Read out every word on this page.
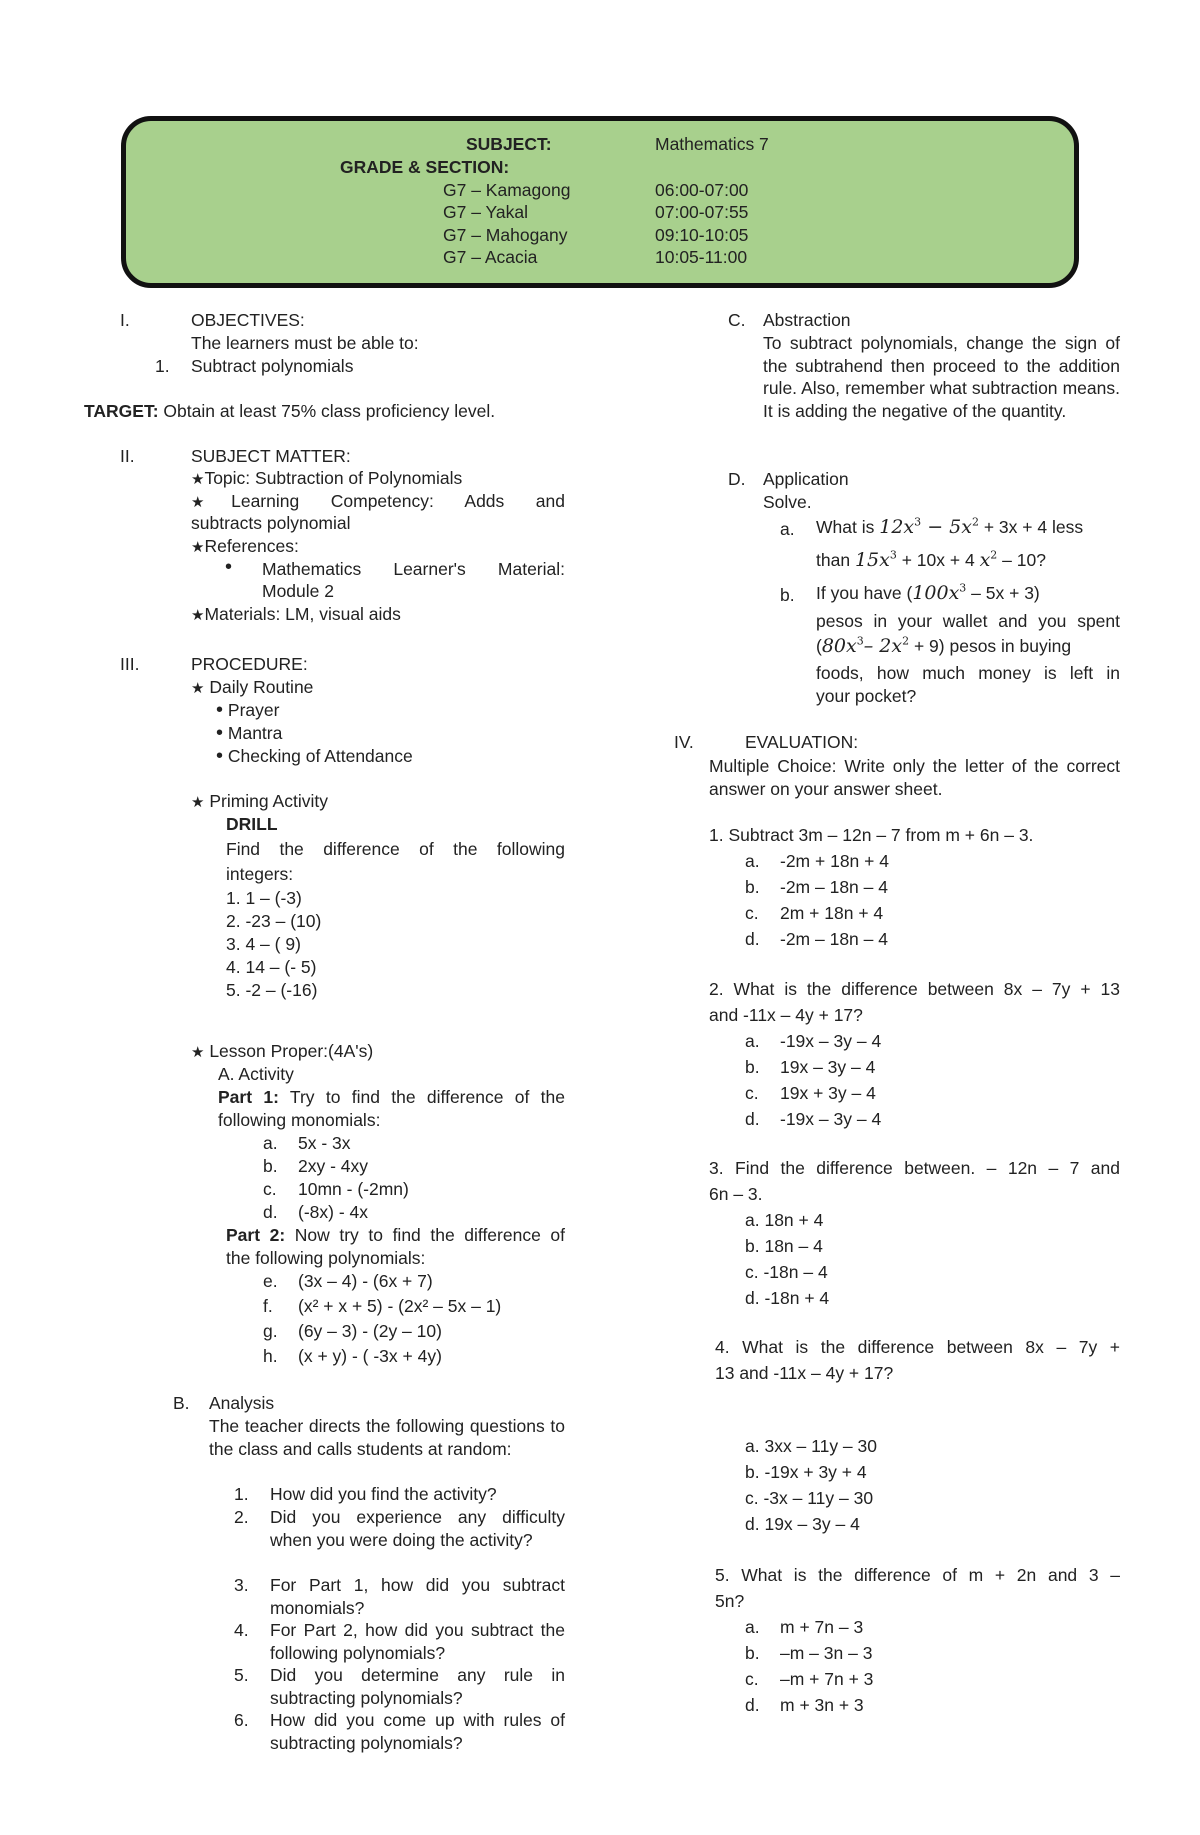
SUBJECT:	Mathematics 7
GRADE & SECTION:
G7 – Kamagong	06:00-07:00
G7 – Yakal	07:00-07:55
G7 – Mahogany	09:10-10:05
G7 – Acacia	10:05-11:00
I.	OBJECTIVES:
The learners must be able to:
1. Subtract polynomials
TARGET: Obtain at least 75% class proficiency level.
II.	SUBJECT MATTER:
★Topic: Subtraction of Polynomials
★Learning Competency: Adds and
subtracts polynomial
★References:
• Mathematics Learner's Material:
Module 2
★Materials: LM, visual aids
III.	PROCEDURE:
★ Daily Routine
• Prayer
• Mantra
• Checking of Attendance
★ Priming Activity
DRILL
Find the difference of the following
integers:
1. 1 – (-3)
2. -23 – (10)
3. 4 – ( 9)
4. 14 – (- 5)
5. -2 – (-16)
★ Lesson Proper:(4A's)
A. Activity
Part 1: Try to find the difference of the
following monomials:
a. 5x - 3x
b. 2xy - 4xy
c. 10mn - (-2mn)
d. (-8x) - 4x
Part 2: Now try to find the difference of
the following polynomials:
e. (3x – 4) - (6x + 7)
f. (x² + x + 5) - (2x² – 5x – 1)
g. (6y – 3) - (2y – 10)
h. (x + y) - ( -3x + 4y)
B. Analysis
The teacher directs the following questions to the class and calls students at random:
1. How did you find the activity?
2. Did you experience any difficulty when you were doing the activity?
3. For Part 1, how did you subtract monomials?
4. For Part 2, how did you subtract the following polynomials?
5. Did you determine any rule in subtracting polynomials?
6. How did you come up with rules of subtracting polynomials?
C. Abstraction
To subtract polynomials, change the sign of the subtrahend then proceed to the addition rule. Also, remember what subtraction means. It is adding the negative of the quantity.
D. Application
Solve.
a. What is $12x^3 - 5x^2 + 3x + 4$ less
than $15x^3 + 10x + 4$ $x^2 - 10$?
b. If you have $(100x^3 - 5x + 3)$
pesos in your wallet and you spent
($80x^3-$ $2x^2 + 9$) pesos in buying
foods, how much money is left in
your pocket?
IV.	EVALUATION:
Multiple Choice: Write only the letter of the correct answer on your answer sheet.
1. Subtract 3m – 12n – 7 from m + 6n – 3.
a. -2m + 18n + 4
b. -2m – 18n – 4
c. 2m + 18n + 4
d. -2m – 18n – 4
2. What is the difference between 8x – 7y + 13
and -11x – 4y + 17?
a. -19x – 3y – 4
b. 19x – 3y – 4
c. 19x + 3y – 4
d. -19x – 3y – 4
3. Find the difference between. – 12n – 7 and
6n – 3.
a. 18n + 4
b. 18n – 4
c. -18n – 4
d. -18n + 4
4. What is the difference between 8x – 7y +
13 and -11x – 4y + 17?
a. 3xx – 11y – 30
b. -19x + 3y + 4
c. -3x – 11y – 30
d. 19x – 3y – 4
5. What is the difference of m + 2n and 3 –
5n?
a. m + 7n – 3
b. –m – 3n – 3
c. –m + 7n + 3
d. m + 3n + 3
